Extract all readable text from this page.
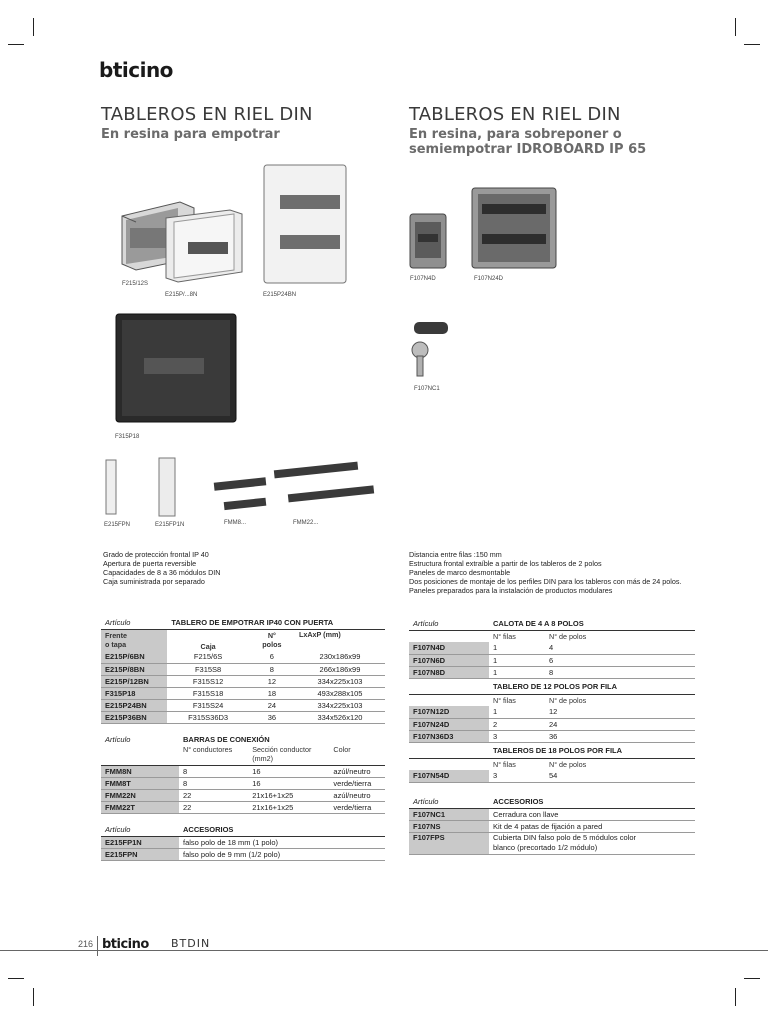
bticino
TABLEROS EN RIEL DIN
En resina para empotrar
TABLEROS EN RIEL DIN
En resina, para sobreponer o
semiempotrar IDROBOARD IP 65
F215/12S
E215P/...8N	E215P24BN
F315P18
E215FPN	E215FP1N	FMM8...	FMM22...
F107N4D	F107N24D
F107NC1
Grado de protección frontal IP 40
Apertura de puerta reversible
Capacidades de 8 a 36 módulos DIN
Caja suministrada por separado
Distancia entre filas :150 mm
Estructura frontal extraíble a partir de los tableros de 2 polos
Paneles de marco desmontable
Dos posiciones de montaje de los perfiles DIN para los tableros con más de 24 polos.
Paneles preparados para la instalación de productos modulares
Artículo	TABLERO DE EMPOTRAR IP40 CON PUERTA		
Frente
o tapa	Caja	N°
polos	LxAxP (mm)
E215P/6BN	F215/6S	6	230x186x99
E215P/8BN	F315S8	8	266x186x99
E215P/12BN	F315S12	12	334x225x103
F315P18	F315S18	18	493x288x105
E215P24BN	F315S24	24	334x225x103
E215P36BN	F315S36D3	36	334x526x120
Artículo	BARRAS DE CONEXIÓN		
	N° conductores	Sección conductor
(mm2)	Color
FMM8N	8	16	azúl/neutro
FMM8T	8	16	verde/tierra
FMM22N	22	21x16+1x25	azúl/neutro
FMM22T	22	21x16+1x25	verde/tierra
Artículo	ACCESORIOS
E215FP1N	falso polo de 18 mm (1 polo)
E215FPN	falso polo de 9 mm (1/2 polo)
Artículo	CALOTA DE 4 A 8 POLOS	
	N° filas	N° de polos
F107N4D	1	4
F107N6D	1	6
F107N8D	1	8
	TABLERO DE 12 POLOS POR FILA	
	N° filas	N° de polos
F107N12D	1	12
F107N24D	2	24
F107N36D3	3	36
	TABLEROS DE 18 POLOS POR FILA	
	N° filas	N° de polos
F107N54D	3	54
Artículo	ACCESORIOS
F107NC1	Cerradura con llave
F107NS	Kit de 4 patas de fijación a pared
F107FPS	Cubierta DIN falso polo de 5 módulos color
blanco (precortado 1/2 módulo)
216 bticino BTDIN
